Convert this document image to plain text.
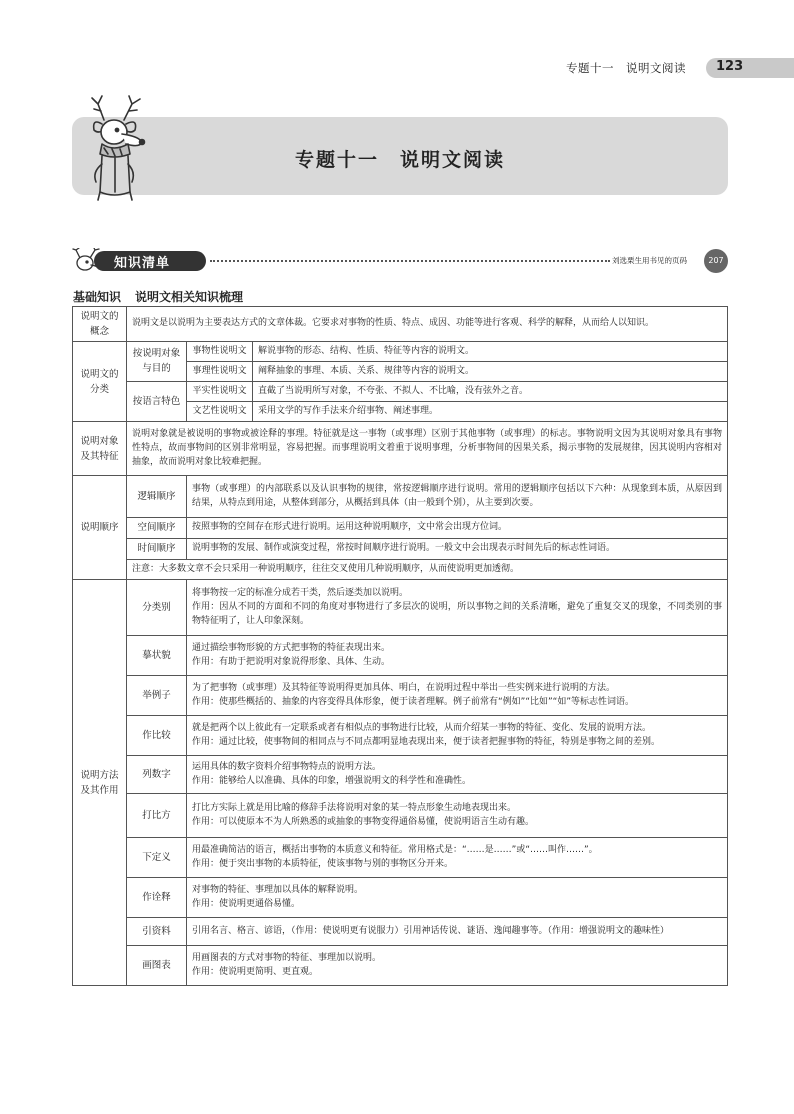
专题十一　说明文阅读 123
专题十一　说明文阅读
知识清单	刘选栗生用书见的页码	207
基础知识 说明文相关知识梳理
说明文的概念	说明文是以说明为主要表达方式的文章体裁。它要求对事物的性质、特点、成因、功能等进行客观、科学的解释，从而给人以知识。		
说明文的分类	按说明对象与目的	事物性说明文	解说事物的形态、结构、性质、特征等内容的说明文。
		事理性说明文	阐释抽象的事理、本质、关系、规律等内容的说明文。
	按语言特色	平实性说明文	直截了当说明所写对象，不夸张、不拟人、不比喻，没有弦外之音。
		文艺性说明文	采用文学的写作手法来介绍事物、阐述事理。
说明对象及其特征	说明对象就是被说明的事物或被诠释的事理。特征就是这一事物（或事理）区别于其他事物（或事理）的标志。事物说明文因为其说明对象具有事物性特点，故而事物间的区别非常明显，容易把握。而事理说明文着重于说明事理，分析事物间的因果关系，揭示事物的发展规律，因其说明内容相对抽象，故而说明对象比较难把握。		
说明顺序	逻辑顺序	事物（或事理）的内部联系以及认识事物的规律，常按逻辑顺序进行说明。常用的逻辑顺序包括以下六种：从现象到本质，从原因到结果，从特点到用途，从整体到部分，从概括到具体（由一般到个别），从主要到次要。	
	空间顺序	按照事物的空间存在形式进行说明。运用这种说明顺序，文中常会出现方位词。	
	时间顺序	说明事物的发展、制作或演变过程，常按时间顺序进行说明。一般文中会出现表示时间先后的标志性词语。	
	注意：大多数文章不会只采用一种说明顺序，往往交叉使用几种说明顺序，从而使说明更加透彻。		
说明方法及其作用	分类别	将事物按一定的标准分成若干类，然后逐类加以说明。
作用：因从不同的方面和不同的角度对事物进行了多层次的说明，所以事物之间的关系清晰，避免了重复交叉的现象，不同类别的事物特征明了，让人印象深刻。	

	摹状貌	通过描绘事物形貌的方式把事物的特征表现出来。
作用：有助于把说明对象说得形象、具体、生动。	

	举例子	为了把事物（或事理）及其特征等说明得更加具体、明白，在说明过程中举出一些实例来进行说明的方法。
作用：使那些概括的、抽象的内容变得具体形象，便于读者理解。例子前常有“例如”“比如”“如”等标志性词语。	

	作比较	就是把两个以上彼此有一定联系或者有相似点的事物进行比较，从而介绍某一事物的特征、变化、发展的说明方法。
作用：通过比较，使事物间的相同点与不同点都明显地表现出来，便于读者把握事物的特征，特别是事物之间的差别。	

	列数字	运用具体的数字资料介绍事物特点的说明方法。
作用：能够给人以准确、具体的印象，增强说明文的科学性和准确性。	

	打比方	打比方实际上就是用比喻的修辞手法将说明对象的某一特点形象生动地表现出来。
作用：可以使原本不为人所熟悉的或抽象的事物变得通俗易懂，使说明语言生动有趣。	

	下定义	用最准确简洁的语言，概括出事物的本质意义和特征。常用格式是：“……是……”或“……叫作……”。
作用：便于突出事物的本质特征，使该事物与别的事物区分开来。	

	作诠释	对事物的特征、事理加以具体的解释说明。
作用：使说明更通俗易懂。	

	引资料	引用名言、格言、谚语，（作用：使说明更有说服力）引用神话传说、谜语、逸闻趣事等。（作用：增强说明文的趣味性）	

	画图表	用画图表的方式对事物的特征、事理加以说明。
作用：使说明更简明、更直观。	
